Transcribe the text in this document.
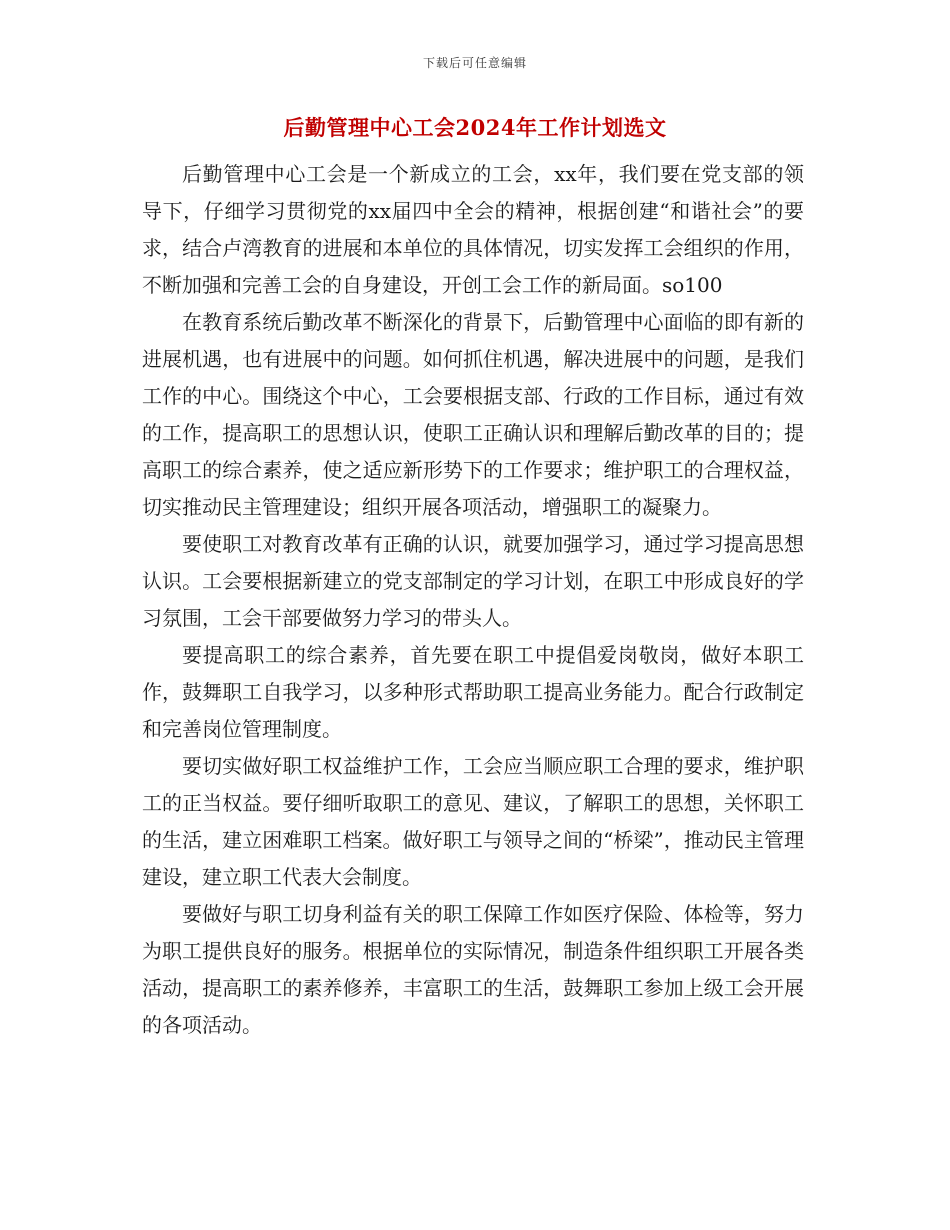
下载后可任意编辑
后勤管理中心工会2024年工作计划选文

后勤管理中心工会是一个新成立的工会，xx年，我们要在党支部的领导下，仔细学习贯彻党的xx届四中全会的精神，根据创建“和谐社会”的要求，结合卢湾教育的进展和本单位的具体情况，切实发挥工会组织的作用，不断加强和完善工会的自身建设，开创工会工作的新局面。so100

在教育系统后勤改革不断深化的背景下，后勤管理中心面临的即有新的进展机遇，也有进展中的问题。如何抓住机遇，解决进展中的问题，是我们工作的中心。围绕这个中心，工会要根据支部、行政的工作目标，通过有效的工作，提高职工的思想认识，使职工正确认识和理解后勤改革的目的；提高职工的综合素养，使之适应新形势下的工作要求；维护职工的合理权益，切实推动民主管理建设；组织开展各项活动，增强职工的凝聚力。

要使职工对教育改革有正确的认识，就要加强学习，通过学习提高思想认识。工会要根据新建立的党支部制定的学习计划，在职工中形成良好的学习氛围，工会干部要做努力学习的带头人。

要提高职工的综合素养，首先要在职工中提倡爱岗敬岗，做好本职工作，鼓舞职工自我学习，以多种形式帮助职工提高业务能力。配合行政制定和完善岗位管理制度。

要切实做好职工权益维护工作，工会应当顺应职工合理的要求，维护职工的正当权益。要仔细听取职工的意见、建议，了解职工的思想，关怀职工的生活，建立困难职工档案。做好职工与领导之间的“桥梁”，推动民主管理建设，建立职工代表大会制度。

要做好与职工切身利益有关的职工保障工作如医疗保险、体检等，努力为职工提供良好的服务。根据单位的实际情况，制造条件组织职工开展各类活动，提高职工的素养修养，丰富职工的生活，鼓舞职工参加上级工会开展的各项活动。
